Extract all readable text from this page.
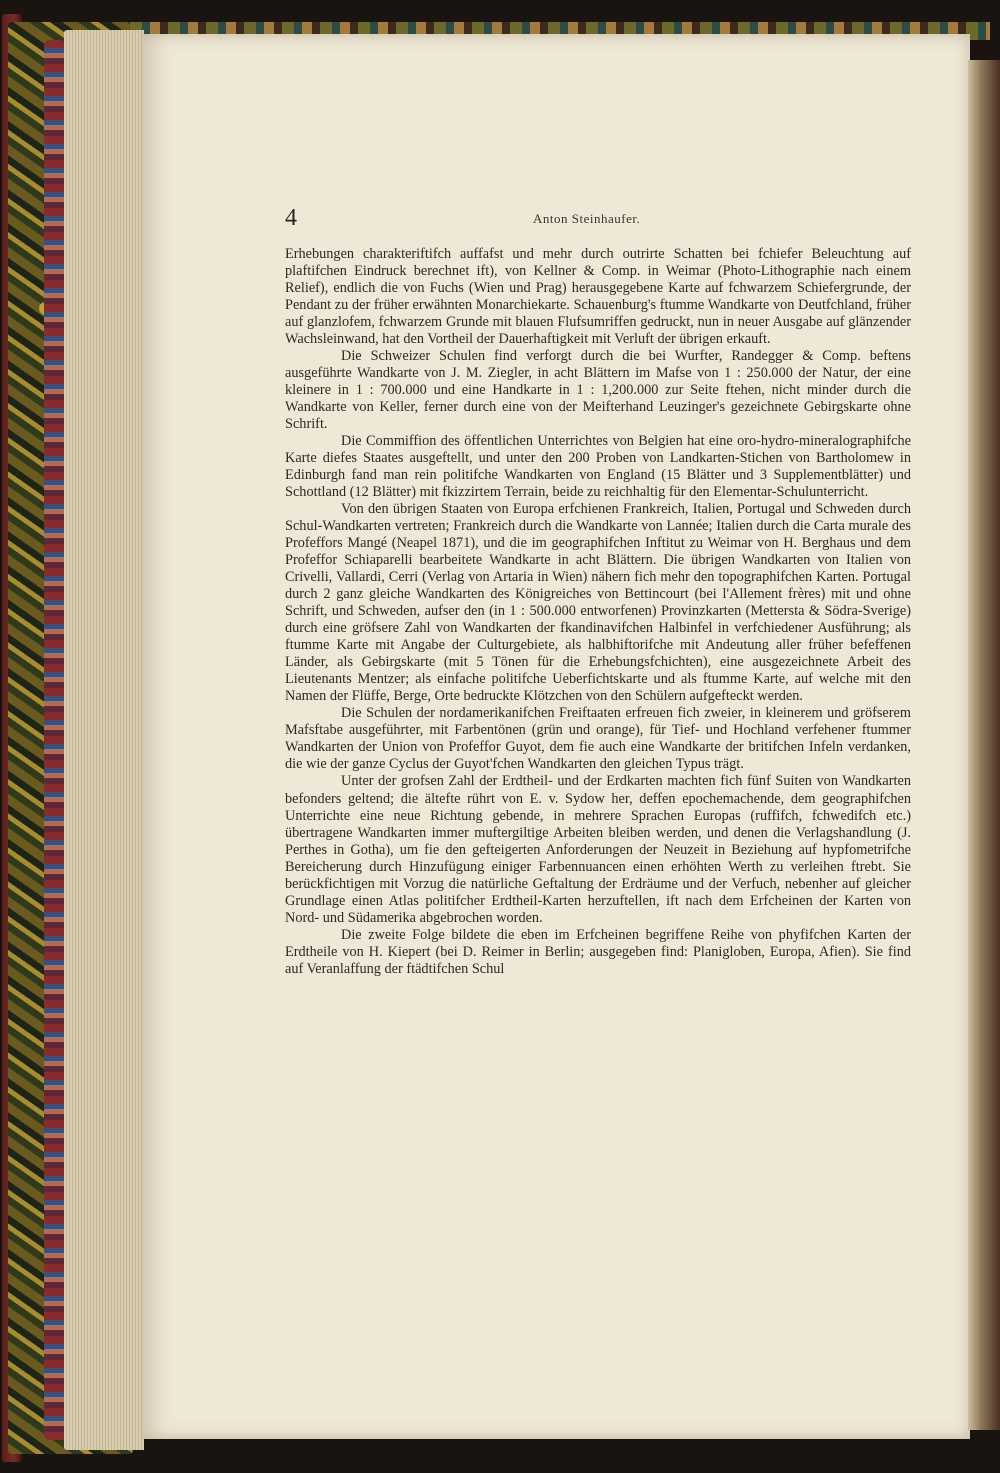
4	Anton Steinhaufer.

Erhebungen charakteriftifch auffafst und mehr durch outrirte Schatten bei fchiefer Beleuchtung auf plaftifchen Eindruck berechnet ift), von Kellner & Comp. in Weimar (Photo-Lithographie nach einem Relief), endlich die von Fuchs (Wien und Prag) herausgegebene Karte auf fchwarzem Schiefergrunde, der Pendant zu der früher erwähnten Monarchiekarte. Schauenburg's ftumme Wandkarte von Deutfchland, früher auf glanzlofem, fchwarzem Grunde mit blauen Flufsumriffen gedruckt, nun in neuer Ausgabe auf glänzender Wachsleinwand, hat den Vortheil der Dauerhaftigkeit mit Verluft der übrigen erkauft.

Die Schweizer Schulen find verforgt durch die bei Wurfter, Randegger & Comp. beftens ausgeführte Wandkarte von J. M. Ziegler, in acht Blättern im Mafse von 1 : 250.000 der Natur, der eine kleinere in 1 : 700.000 und eine Handkarte in 1 : 1,200.000 zur Seite ftehen, nicht minder durch die Wandkarte von Keller, ferner durch eine von der Meifterhand Leuzinger's gezeichnete Gebirgskarte ohne Schrift.

Die Commiffion des öffentlichen Unterrichtes von Belgien hat eine oro-hydro-mineralographifche Karte diefes Staates ausgeftellt, und unter den 200 Proben von Landkarten-Stichen von Bartholomew in Edinburgh fand man rein politifche Wandkarten von England (15 Blätter und 3 Supplementblätter) und Schottland (12 Blätter) mit fkizzirtem Terrain, beide zu reichhaltig für den Elementar-Schulunterricht.

Von den übrigen Staaten von Europa erfchienen Frankreich, Italien, Portugal und Schweden durch Schul-Wandkarten vertreten; Frankreich durch die Wandkarte von Lannée; Italien durch die Carta murale des Profeffors Mangé (Neapel 1871), und die im geographifchen Inftitut zu Weimar von H. Berghaus und dem Profeffor Schiaparelli bearbeitete Wandkarte in acht Blättern. Die übrigen Wandkarten von Italien von Crivelli, Vallardi, Cerri (Verlag von Artaria in Wien) nähern fich mehr den topographifchen Karten. Portugal durch 2 ganz gleiche Wandkarten des Königreiches von Bettincourt (bei l'Allement frères) mit und ohne Schrift, und Schweden, aufser den (in 1 : 500.000 entworfenen) Provinzkarten (Mettersta & Södra-Sverige) durch eine gröfsere Zahl von Wandkarten der fkandinavifchen Halbinfel in verfchiedener Ausführung; als ftumme Karte mit Angabe der Culturgebiete, als halbhiftorifche mit Andeutung aller früher befeffenen Länder, als Gebirgskarte (mit 5 Tönen für die Erhebungsfchichten), eine ausgezeichnete Arbeit des Lieutenants Mentzer; als einfache politifche Ueberfichtskarte und als ftumme Karte, auf welche mit den Namen der Flüffe, Berge, Orte bedruckte Klötzchen von den Schülern aufgefteckt werden.

Die Schulen der nordamerikanifchen Freiftaaten erfreuen fich zweier, in kleinerem und gröfserem Mafsftabe ausgeführter, mit Farbentönen (grün und orange), für Tief- und Hochland verfehener ftummer Wandkarten der Union von Profeffor Guyot, dem fie auch eine Wandkarte der britifchen Infeln verdanken, die wie der ganze Cyclus der Guyot'fchen Wandkarten den gleichen Typus trägt.

Unter der grofsen Zahl der Erdtheil- und der Erdkarten machten fich fünf Suiten von Wandkarten befonders geltend; die ältefte rührt von E. v. Sydow her, deffen epochemachende, dem geographifchen Unterrichte eine neue Richtung gebende, in mehrere Sprachen Europas (ruffifch, fchwedifch etc.) übertragene Wandkarten immer muftergiltige Arbeiten bleiben werden, und denen die Verlagshandlung (J. Perthes in Gotha), um fie den gefteigerten Anforderungen der Neuzeit in Beziehung auf hypfometrifche Bereicherung durch Hinzufügung einiger Farbennuancen einen erhöhten Werth zu verleihen ftrebt. Sie berückfichtigen mit Vorzug die natürliche Geftaltung der Erdräume und der Verfuch, nebenher auf gleicher Grundlage einen Atlas politifcher Erdtheil-Karten herzuftellen, ift nach dem Erfcheinen der Karten von Nord- und Südamerika abgebrochen worden.

Die zweite Folge bildete die eben im Erfcheinen begriffene Reihe von phyfifchen Karten der Erdtheile von H. Kiepert (bei D. Reimer in Berlin; ausgegeben find: Planigloben, Europa, Afien). Sie find auf Veranlaffung der ftädtifchen Schul
